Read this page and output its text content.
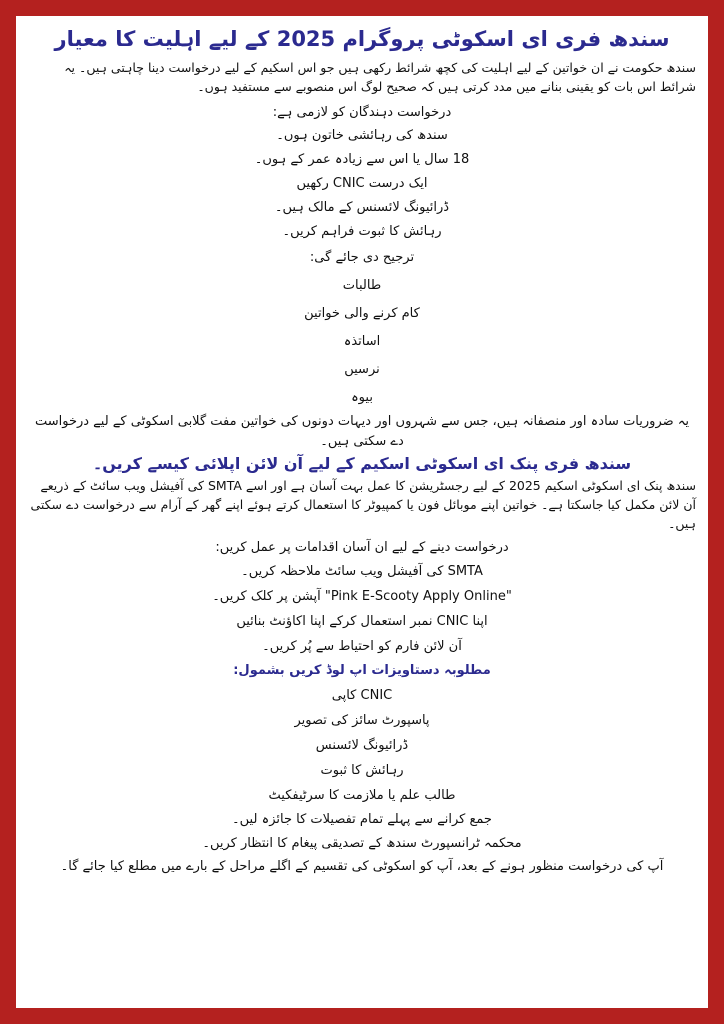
سندھ فری ای اسکوٹی پروگرام 2025 کے لیے اہلیت کا معیار

سندھ حکومت نے ان خواتین کے لیے اہلیت کی کچھ شرائط رکھی ہیں جو اس اسکیم کے لیے درخواست دینا چاہتی ہیں۔ یہ شرائط اس بات کو یقینی بنانے میں مدد کرتی ہیں کہ صحیح لوگ اس منصوبے سے مستفید ہوں۔

درخواست دہندگان کو لازمی ہے:

سندھ کی رہائشی خاتون ہوں۔

18 سال یا اس سے زیادہ عمر کے ہوں۔

ایک درست CNIC رکھیں

ڈرائیونگ لائسنس کے مالک ہیں۔

رہائش کا ثبوت فراہم کریں۔

ترجیح دی جائے گی:

طالبات

کام کرنے والی خواتین

اساتذہ

نرسیں

بیوہ

یہ ضروریات سادہ اور منصفانہ ہیں، جس سے شہروں اور دیہات دونوں کی خواتین مفت گلابی اسکوٹی کے لیے درخواست دے سکتی ہیں۔

سندھ فری پنک ای اسکوٹی اسکیم کے لیے آن لائن اپلائی کیسے کریں۔

سندھ پنک ای اسکوٹی اسکیم 2025 کے لیے رجسٹریشن کا عمل بہت آسان ہے اور اسے SMTA کی آفیشل ویب سائٹ کے ذریعے آن لائن مکمل کیا جاسکتا ہے۔ خواتین اپنے موبائل فون یا کمپیوٹر کا استعمال کرتے ہوئے اپنے گھر کے آرام سے درخواست دے سکتی ہیں۔

درخواست دینے کے لیے ان آسان اقدامات پر عمل کریں:

SMTA کی آفیشل ویب سائٹ ملاحظہ کریں۔

"Pink E-Scooty Apply Online" آپشن پر کلک کریں۔

اپنا CNIC نمبر استعمال کرکے اپنا اکاؤنٹ بنائیں

آن لائن فارم کو احتیاط سے پُر کریں۔

مطلوبہ دستاویزات اپ لوڈ کریں بشمول:

CNIC کاپی

پاسپورٹ سائز کی تصویر

ڈرائیونگ لائسنس

رہائش کا ثبوت

طالب علم یا ملازمت کا سرٹیفکیٹ

جمع کرانے سے پہلے تمام تفصیلات کا جائزہ لیں۔

محکمہ ٹرانسپورٹ سندھ کے تصدیقی پیغام کا انتظار کریں۔

آپ کی درخواست منظور ہونے کے بعد، آپ کو اسکوٹی کی تقسیم کے اگلے مراحل کے بارے میں مطلع کیا جائے گا۔
